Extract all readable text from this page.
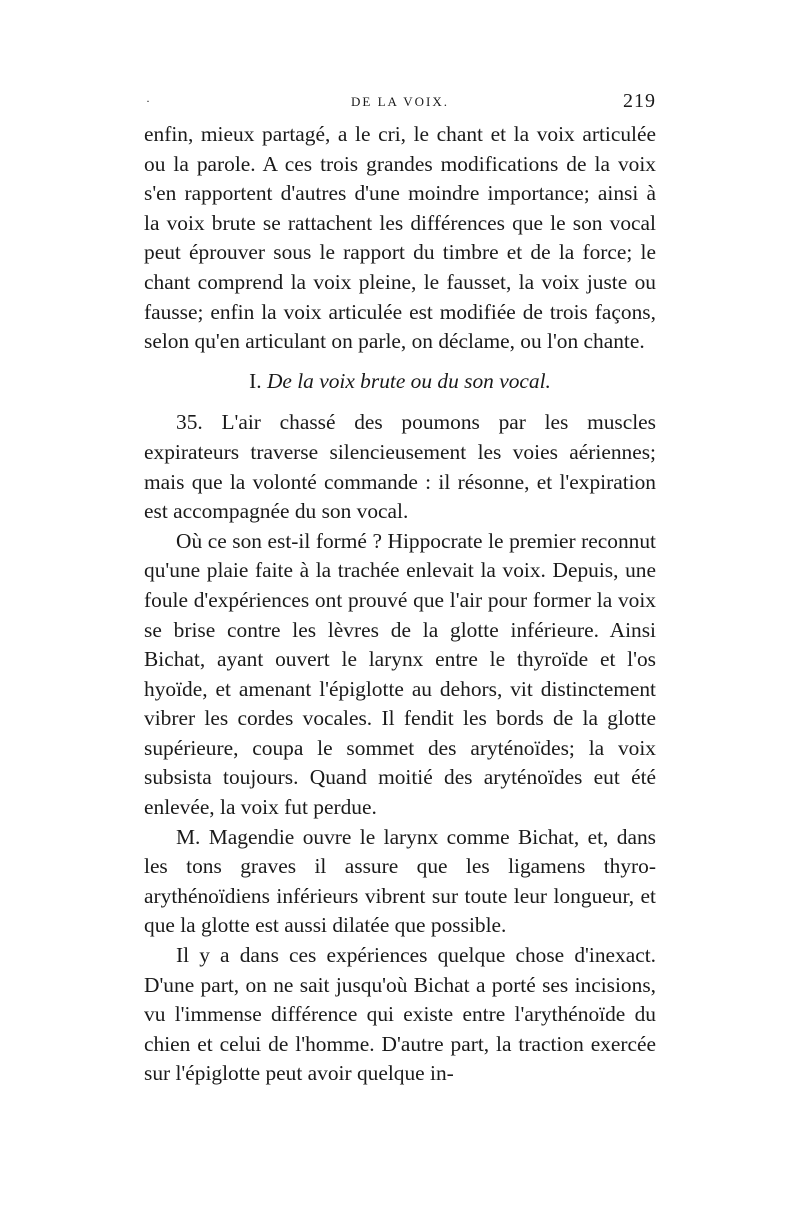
·	DE LA VOIX.	219

enfin, mieux partagé, a le cri, le chant et la voix articulée ou la parole. A ces trois grandes modifications de la voix s'en rapportent d'autres d'une moindre importance; ainsi à la voix brute se rattachent les différences que le son vocal peut éprouver sous le rapport du timbre et de la force; le chant comprend la voix pleine, le fausset, la voix juste ou fausse; enfin la voix articulée est modifiée de trois façons, selon qu'en articulant on parle, on déclame, ou l'on chante.

I. De la voix brute ou du son vocal.

35. L'air chassé des poumons par les muscles expirateurs traverse silencieusement les voies aériennes; mais que la volonté commande : il résonne, et l'expiration est accompagnée du son vocal.

Où ce son est-il formé ? Hippocrate le premier reconnut qu'une plaie faite à la trachée enlevait la voix. Depuis, une foule d'expériences ont prouvé que l'air pour former la voix se brise contre les lèvres de la glotte inférieure. Ainsi Bichat, ayant ouvert le larynx entre le thyroïde et l'os hyoïde, et amenant l'épiglotte au dehors, vit distinctement vibrer les cordes vocales. Il fendit les bords de la glotte supérieure, coupa le sommet des aryténoïdes; la voix subsista toujours. Quand moitié des aryténoïdes eut été enlevée, la voix fut perdue.

M. Magendie ouvre le larynx comme Bichat, et, dans les tons graves il assure que les ligamens thyro-arythénoïdiens inférieurs vibrent sur toute leur longueur, et que la glotte est aussi dilatée que possible.

Il y a dans ces expériences quelque chose d'inexact. D'une part, on ne sait jusqu'où Bichat a porté ses incisions, vu l'immense différence qui existe entre l'arythénoïde du chien et celui de l'homme. D'autre part, la traction exercée sur l'épiglotte peut avoir quelque in-
